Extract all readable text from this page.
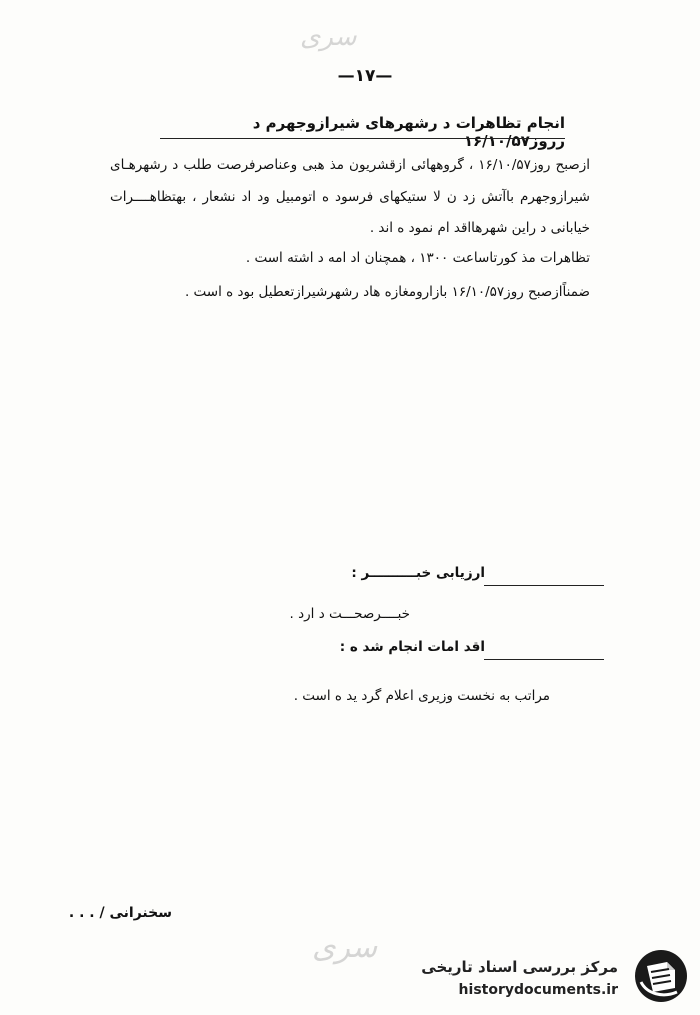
سری
—۱۷—
انجام تظاهرات د رشهرهای شیرازوجهرم د رروز۱۶/۱۰/۵۷
ازصبح روز۱۶/۱۰/۵۷ ، گروههائی ازقشریون مذ هبی وعناصرفرصت طلب د رشهرهـای
شیرازوجهرم باآتش زد ن لا ستیکهای فرسود ه اتومبیل ود اد نشعار ، بهتظاهــــرات
خیابانی د راین شهرهااقد ام نمود ه اند .
تظاهرات مذ کورتاساعت ۱۳۰۰ ، همچنان اد امه د اشته است .
ضمناًازصبح روز۱۶/۱۰/۵۷ بازارومغازه هاد رشهرشیرازتعطیل بود ه است .
ارزیابی خبــــــــــر :
خبــــرصحـــت د ارد .
اقد امات انجام شد ه :
مراتب به نخست وزیری اعلام گرد ید ه است .
سخنرانی / . . .
سری
مرکز بررسی اسناد تاریخی
historydocuments.ir
